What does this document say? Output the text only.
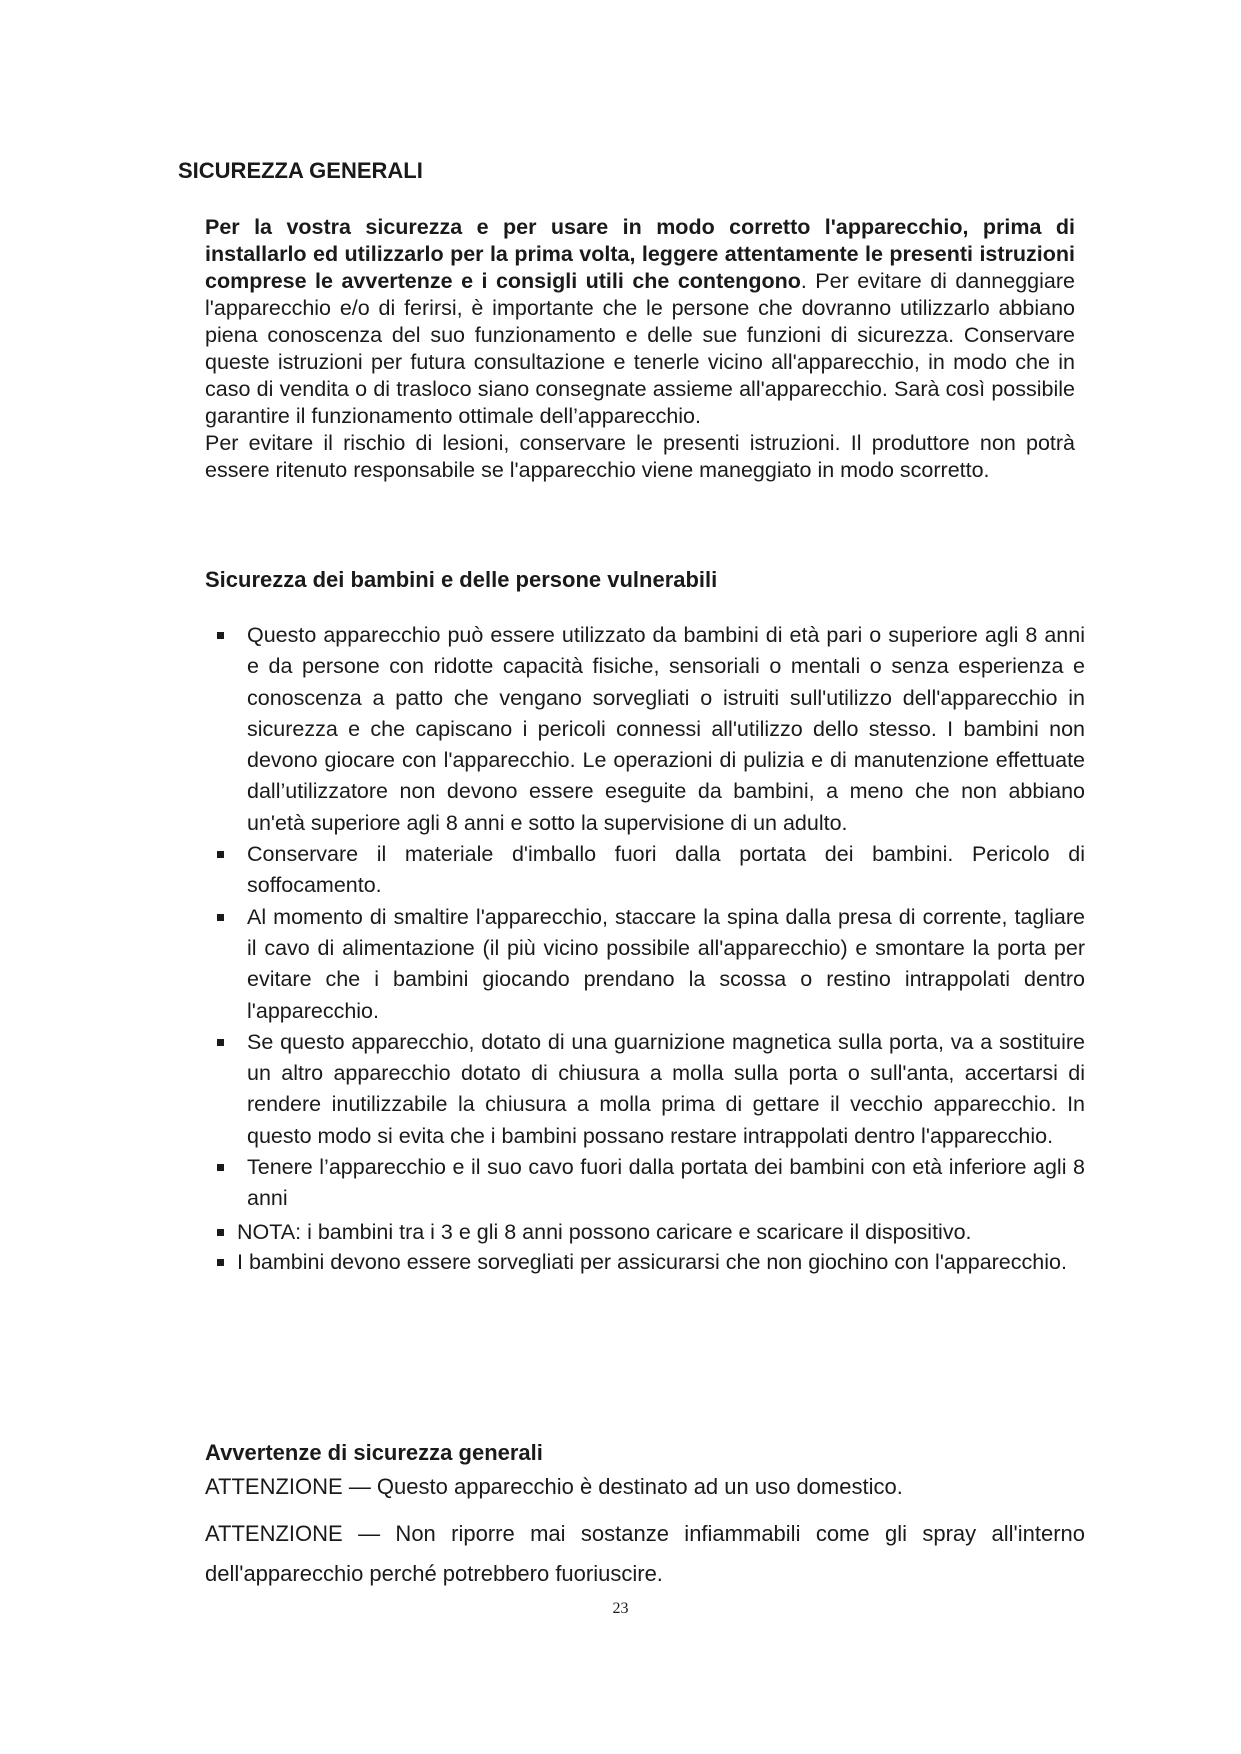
SICUREZZA GENERALI
Per la vostra sicurezza e per usare in modo corretto l'apparecchio, prima di installarlo ed utilizzarlo per la prima volta, leggere attentamente le presenti istruzioni comprese le avvertenze e i consigli utili che contengono. Per evitare di danneggiare l'apparecchio e/o di ferirsi, è importante che le persone che dovranno utilizzarlo abbiano piena conoscenza del suo funzionamento e delle sue funzioni di sicurezza. Conservare queste istruzioni per futura consultazione e tenerle vicino all'apparecchio, in modo che in caso di vendita o di trasloco siano consegnate assieme all'apparecchio. Sarà così possibile garantire il funzionamento ottimale dell’apparecchio.
Per evitare il rischio di lesioni, conservare le presenti istruzioni. Il produttore non potrà essere ritenuto responsabile se l'apparecchio viene maneggiato in modo scorretto.
Sicurezza dei bambini e delle persone vulnerabili
Questo apparecchio può essere utilizzato da bambini di età pari o superiore agli 8 anni e da persone con ridotte capacità fisiche, sensoriali o mentali o senza esperienza e conoscenza a patto che vengano sorvegliati o istruiti sull'utilizzo dell'apparecchio in sicurezza e che capiscano i pericoli connessi all'utilizzo dello stesso. I bambini non devono giocare con l'apparecchio. Le operazioni di pulizia e di manutenzione effettuate dall’utilizzatore non devono essere eseguite da bambini, a meno che non abbiano un'età superiore agli 8 anni e sotto la supervisione di un adulto.
Conservare il materiale d'imballo fuori dalla portata dei bambini. Pericolo di soffocamento.
Al momento di smaltire l'apparecchio, staccare la spina dalla presa di corrente, tagliare il cavo di alimentazione (il più vicino possibile all'apparecchio) e smontare la porta per evitare che i bambini giocando prendano la scossa o restino intrappolati dentro l'apparecchio.
Se questo apparecchio, dotato di una guarnizione magnetica sulla porta, va a sostituire un altro apparecchio dotato di chiusura a molla sulla porta o sull'anta, accertarsi di rendere inutilizzabile la chiusura a molla prima di gettare il vecchio apparecchio. In questo modo si evita che i bambini possano restare intrappolati dentro l'apparecchio.
Tenere l’apparecchio e il suo cavo fuori dalla portata dei bambini con età inferiore agli 8 anni
NOTA: i bambini tra i 3 e gli 8 anni possono caricare e scaricare il dispositivo.
I bambini devono essere sorvegliati per assicurarsi che non giochino con l'apparecchio.
Avvertenze di sicurezza generali

ATTENZIONE — Questo apparecchio è destinato ad un uso domestico.

ATTENZIONE — Non riporre mai sostanze infiammabili come gli spray all'interno dell'apparecchio perché potrebbero fuoriuscire.

23
